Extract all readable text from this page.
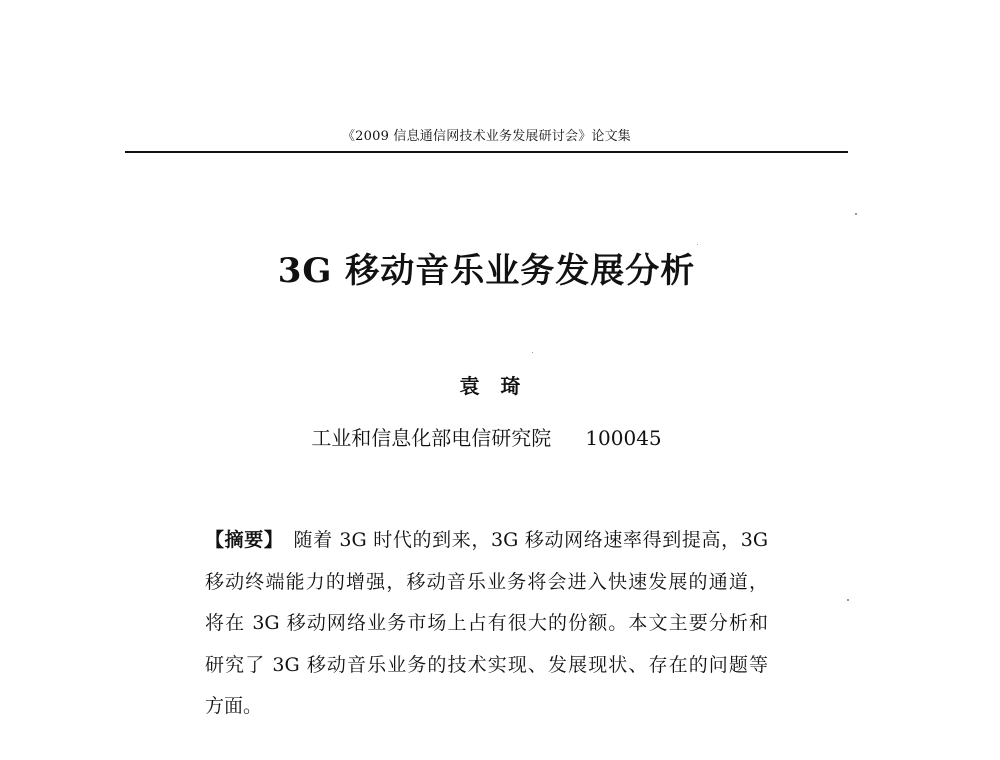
《2009 信息通信网技术业务发展研讨会》论文集
3G 移动音乐业务发展分析
袁 琦
工业和信息化部电信研究院 100045
【摘要】 随着 3G 时代的到来，3G 移动网络速率得到提高，3G
移动终端能力的增强，移动音乐业务将会进入快速发展的通道，
将在 3G 移动网络业务市场上占有很大的份额。本文主要分析和
研究了 3G 移动音乐业务的技术实现、发展现状、存在的问题等
方面。
